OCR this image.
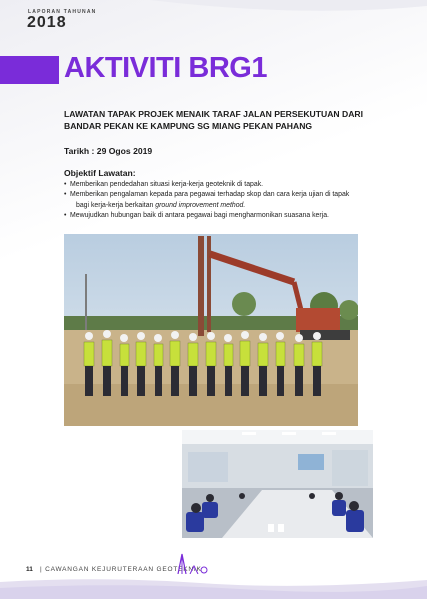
LAPORAN TAHUNAN
2018
AKTIVITI BRG1
LAWATAN TAPAK PROJEK MENAIK TARAF JALAN PERSEKUTUAN DARI BANDAR PEKAN KE KAMPUNG SG MIANG PEKAN PAHANG
Tarikh : 29 Ogos 2019
Objektif Lawatan:
• Memberikan pendedahan situasi kerja-kerja geoteknik di tapak.
• Memberikan pengalaman kepada para pegawai terhadap skop dan cara kerja ujian di tapak
bagi kerja-kerja berkaitan ground improvement method.
• Mewujudkan hubungan baik di antara pegawai bagi mengharmonikan suasana kerja.
11 | CAWANGAN KEJURUTERAAN GEOTEKNIK
